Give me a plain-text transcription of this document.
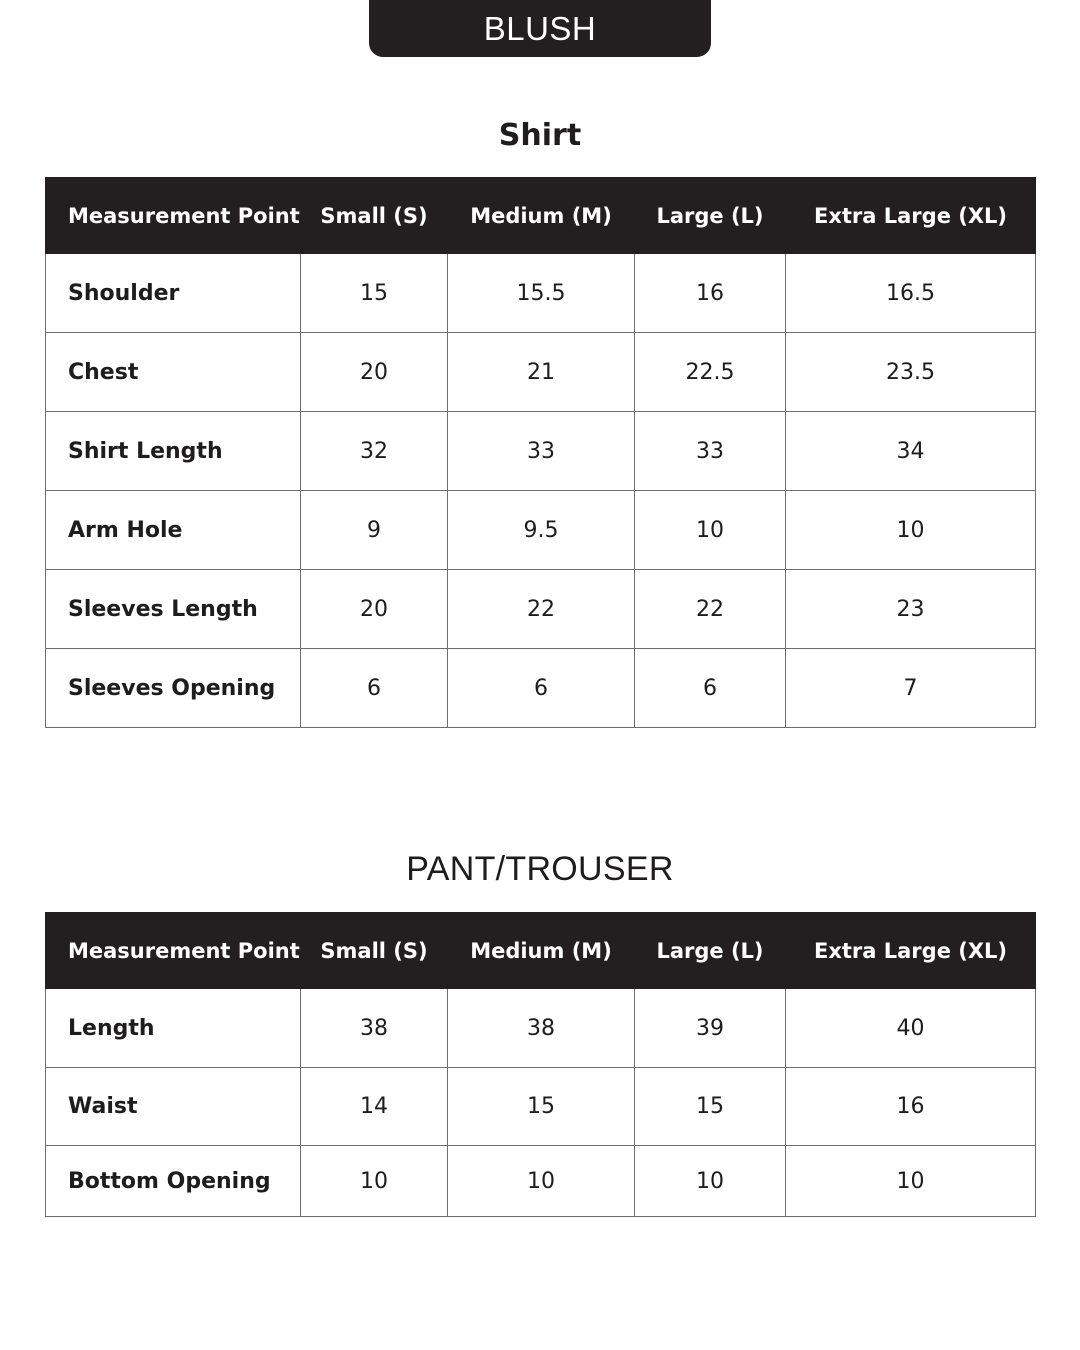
BLUSH
Shirt
Measurement Point	Small (S)	Medium (M)	Large (L)	Extra Large (XL)
Shoulder	15	15.5	16	16.5
Chest	20	21	22.5	23.5
Shirt Length	32	33	33	34
Arm Hole	9	9.5	10	10
Sleeves Length	20	22	22	23
Sleeves Opening	6	6	6	7
PANT/TROUSER
Measurement Point	Small (S)	Medium (M)	Large (L)	Extra Large (XL)
Length	38	38	39	40
Waist	14	15	15	16
Bottom Opening	10	10	10	10
